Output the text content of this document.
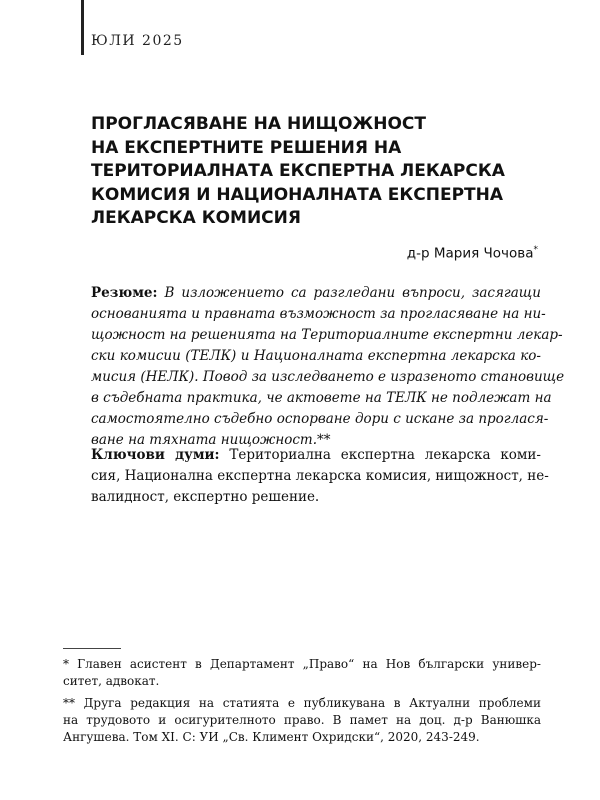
ЮЛИ 2025
ПРОГЛАСЯВАНЕ НА НИЩОЖНОСТ
НА ЕКСПЕРТНИТЕ РЕШЕНИЯ НА
ТЕРИТОРИАЛНАТА ЕКСПЕРТНА ЛЕКАРСКА
КОМИСИЯ И НАЦИОНАЛНАТА ЕКСПЕРТНА
ЛЕКАРСКА КОМИСИЯ
д-р Мария Чочова*
Резюме: В изложението са разгледани въпроси, засягащи
основанията и правната възможност за прогласяване на ни-
щожност на решенията на Териториалните експертни лекар-
ски комисии (ТЕЛК) и Националната експертна лекарска ко-
мисия (НЕЛК). Повод за изследването е изразеното становище
в съдебната практика, че актовете на ТЕЛК не подлежат на
самостоятелно съдебно оспорване дори с искане за проглася-
ване на тяхната нищожност.**
Ключови думи: Териториална експертна лекарска коми-
сия, Национална експертна лекарска комисия, нищожност, не-
валидност, експертно решение.
* Главен асистент в Департамент „Право“ на Нов български универ-
ситет, адвокат.
** Друга редакция на статията е публикувана в Актуални проблеми
на трудовото и осигурителното право. В памет на доц. д-р Ванюшка
Ангушева. Том XI. С: УИ „Св. Климент Охридски“, 2020, 243-249.
